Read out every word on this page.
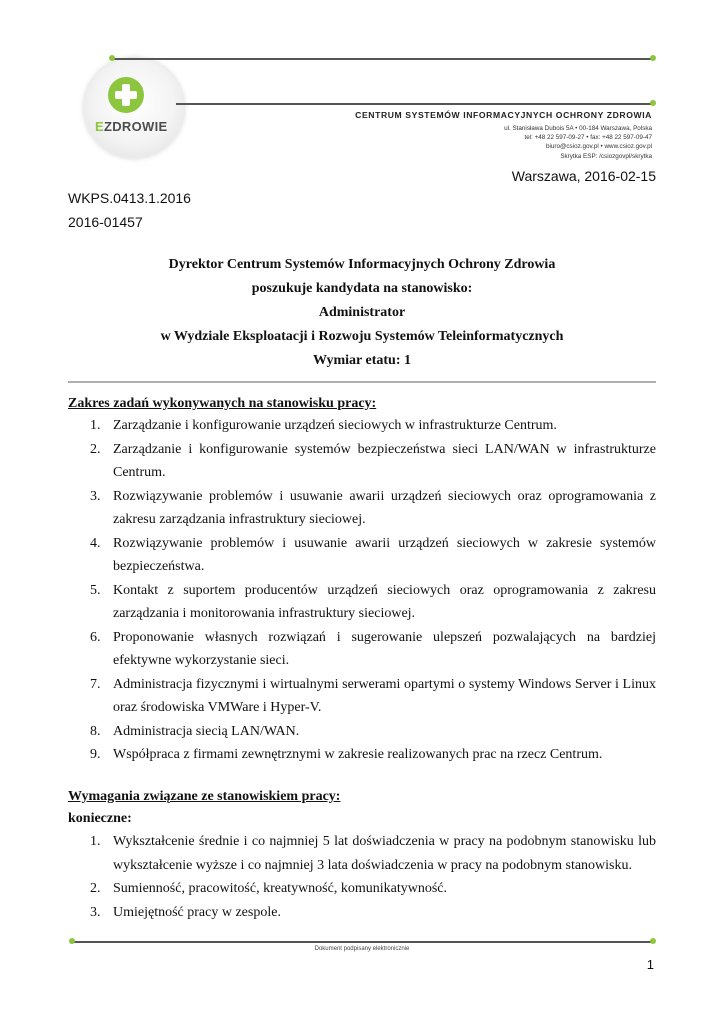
EZDROWIE
CENTRUM SYSTEMÓW INFORMACYJNYCH OCHRONY ZDROWIA
ul. Stanisława Dubois 5A • 00-184 Warszawa, Polska
tel: +48 22 597-09-27 • fax: +48 22 597-09-47
biuro@csioz.gov.pl • www.csioz.gov.pl
Skrytka ESP: /csiozgovpl/skrytka
Warszawa, 2016-02-15
WKPS.0413.1.2016
2016-01457
Dyrektor Centrum Systemów Informacyjnych Ochrony Zdrowia
poszukuje kandydata na stanowisko:
Administrator
w Wydziale Eksploatacji i Rozwoju Systemów Teleinformatycznych
Wymiar etatu: 1
Zakres zadań wykonywanych na stanowisku pracy:
1. Zarządzanie i konfigurowanie urządzeń sieciowych w infrastrukturze Centrum.
2. Zarządzanie i konfigurowanie systemów bezpieczeństwa sieci LAN/WAN w infrastrukturze Centrum.
3. Rozwiązywanie problemów i usuwanie awarii urządzeń sieciowych oraz oprogramowania z zakresu zarządzania infrastruktury sieciowej.
4. Rozwiązywanie problemów i usuwanie awarii urządzeń sieciowych w zakresie systemów bezpieczeństwa.
5. Kontakt z suportem producentów urządzeń sieciowych oraz oprogramowania z zakresu zarządzania i monitorowania infrastruktury sieciowej.
6. Proponowanie własnych rozwiązań i sugerowanie ulepszeń pozwalających na bardziej efektywne wykorzystanie sieci.
7. Administracja fizycznymi i wirtualnymi serwerami opartymi o systemy Windows Server i Linux oraz środowiska VMWare i Hyper-V.
8. Administracja siecią LAN/WAN.
9. Współpraca z firmami zewnętrznymi w zakresie realizowanych prac na rzecz Centrum.
Wymagania związane ze stanowiskiem pracy:
konieczne:
1. Wykształcenie średnie i co najmniej 5 lat doświadczenia w pracy na podobnym stanowisku lub wykształcenie wyższe i co najmniej 3 lata doświadczenia w pracy na podobnym stanowisku.
2. Sumienność, pracowitość, kreatywność, komunikatywność.
3. Umiejętność pracy w zespole.
Dokument podpisany elektronicznie
1
